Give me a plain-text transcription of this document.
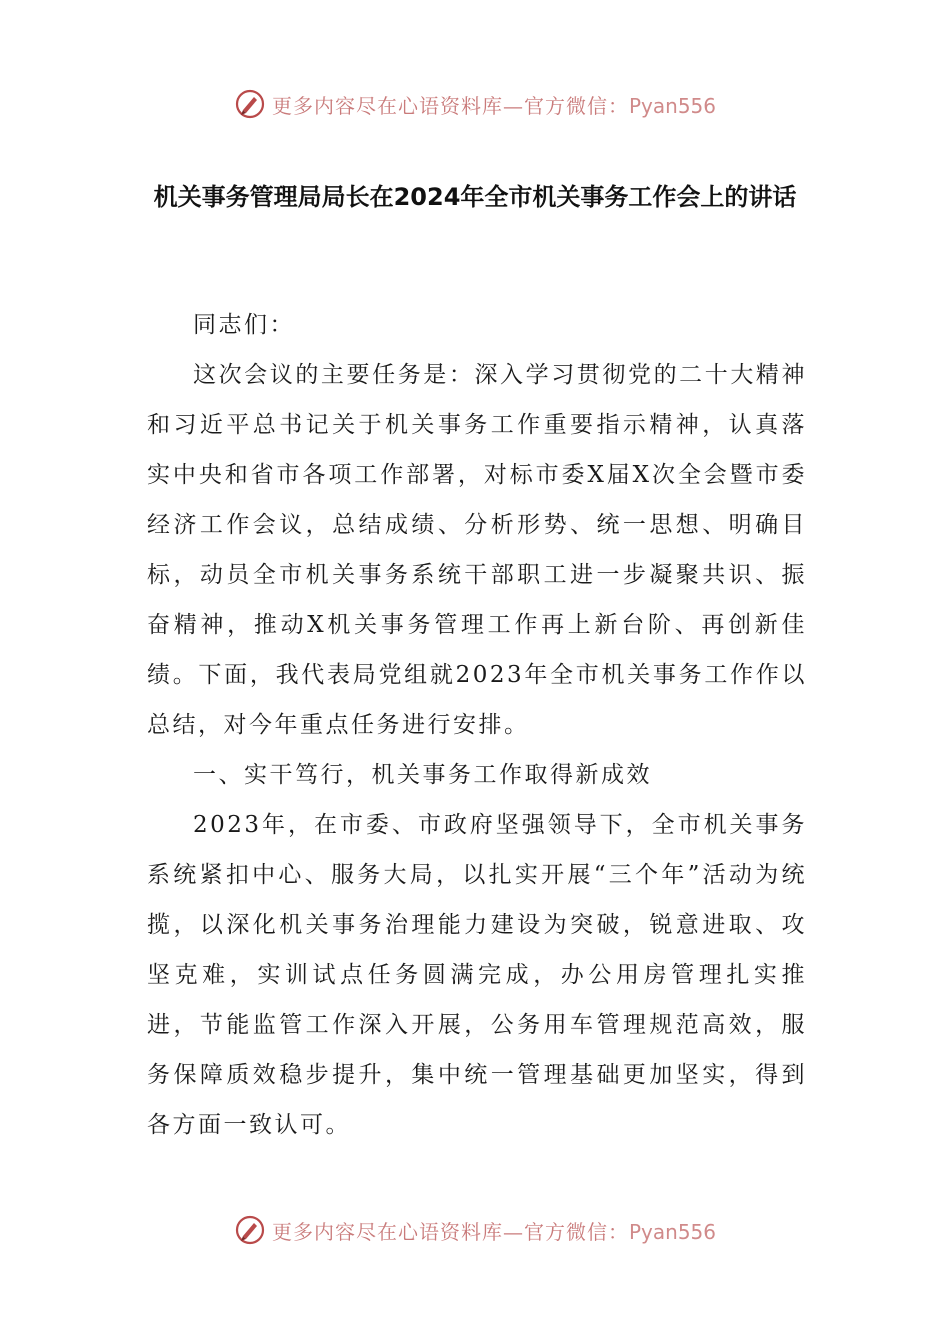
更多内容尽在心语资料库—官方微信：Pyan556
机关事务管理局局长在2024年全市机关事务工作会上的讲话

同志们：

这次会议的主要任务是：深入学习贯彻党的二十大精神和习近平总书记关于机关事务工作重要指示精神，认真落实中央和省市各项工作部署，对标市委X届X次全会暨市委经济工作会议，总结成绩、分析形势、统一思想、明确目标，动员全市机关事务系统干部职工进一步凝聚共识、振奋精神，推动X机关事务管理工作再上新台阶、再创新佳绩。下面，我代表局党组就2023年全市机关事务工作作以总结，对今年重点任务进行安排。

一、实干笃行，机关事务工作取得新成效

2023年，在市委、市政府坚强领导下，全市机关事务系统紧扣中心、服务大局，以扎实开展“三个年”活动为统揽，以深化机关事务治理能力建设为突破，锐意进取、攻坚克难，实训试点任务圆满完成，办公用房管理扎实推进，节能监管工作深入开展，公务用车管理规范高效，服务保障质效稳步提升，集中统一管理基础更加坚实，得到各方面一致认可。

更多内容尽在心语资料库—官方微信：Pyan556
